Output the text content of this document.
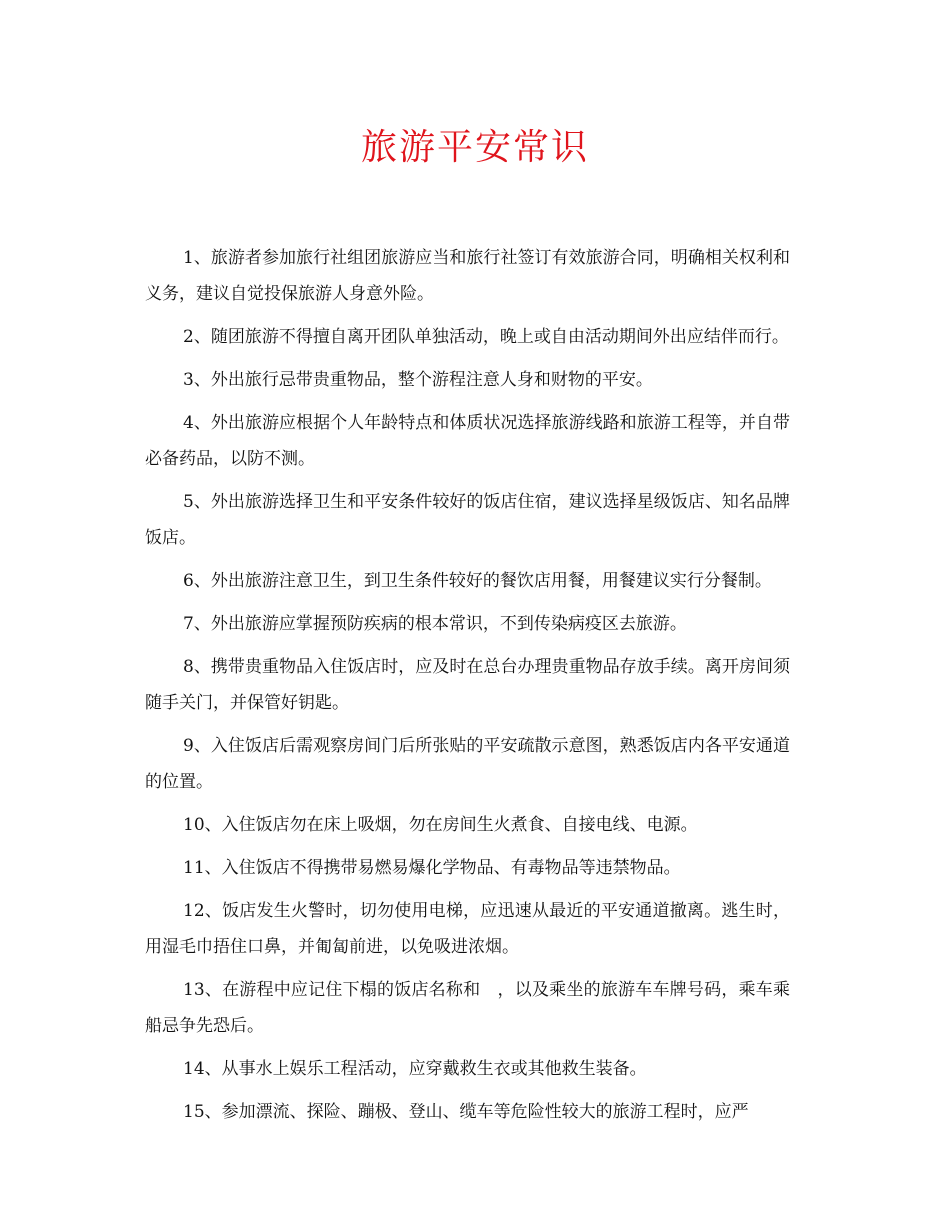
旅游平安常识

1、旅游者参加旅行社组团旅游应当和旅行社签订有效旅游合同，明确相关权利和义务，建议自觉投保旅游人身意外险。

2、随团旅游不得擅自离开团队单独活动，晚上或自由活动期间外出应结伴而行。

3、外出旅行忌带贵重物品，整个游程注意人身和财物的平安。

4、外出旅游应根据个人年龄特点和体质状况选择旅游线路和旅游工程等，并自带必备药品，以防不测。

5、外出旅游选择卫生和平安条件较好的饭店住宿，建议选择星级饭店、知名品牌饭店。

6、外出旅游注意卫生，到卫生条件较好的餐饮店用餐，用餐建议实行分餐制。

7、外出旅游应掌握预防疾病的根本常识，不到传染病疫区去旅游。

8、携带贵重物品入住饭店时，应及时在总台办理贵重物品存放手续。离开房间须随手关门，并保管好钥匙。

9、入住饭店后需观察房间门后所张贴的平安疏散示意图，熟悉饭店内各平安通道的位置。

10、入住饭店勿在床上吸烟，勿在房间生火煮食、自接电线、电源。

11、入住饭店不得携带易燃易爆化学物品、有毒物品等违禁物品。

12、饭店发生火警时，切勿使用电梯，应迅速从最近的平安通道撤离。逃生时，用湿毛巾捂住口鼻，并匍匐前进，以免吸进浓烟。

13、在游程中应记住下榻的饭店名称和　，以及乘坐的旅游车车牌号码，乘车乘船忌争先恐后。

14、从事水上娱乐工程活动，应穿戴救生衣或其他救生装备。

15、参加漂流、探险、蹦极、登山、缆车等危险性较大的旅游工程时，应严
